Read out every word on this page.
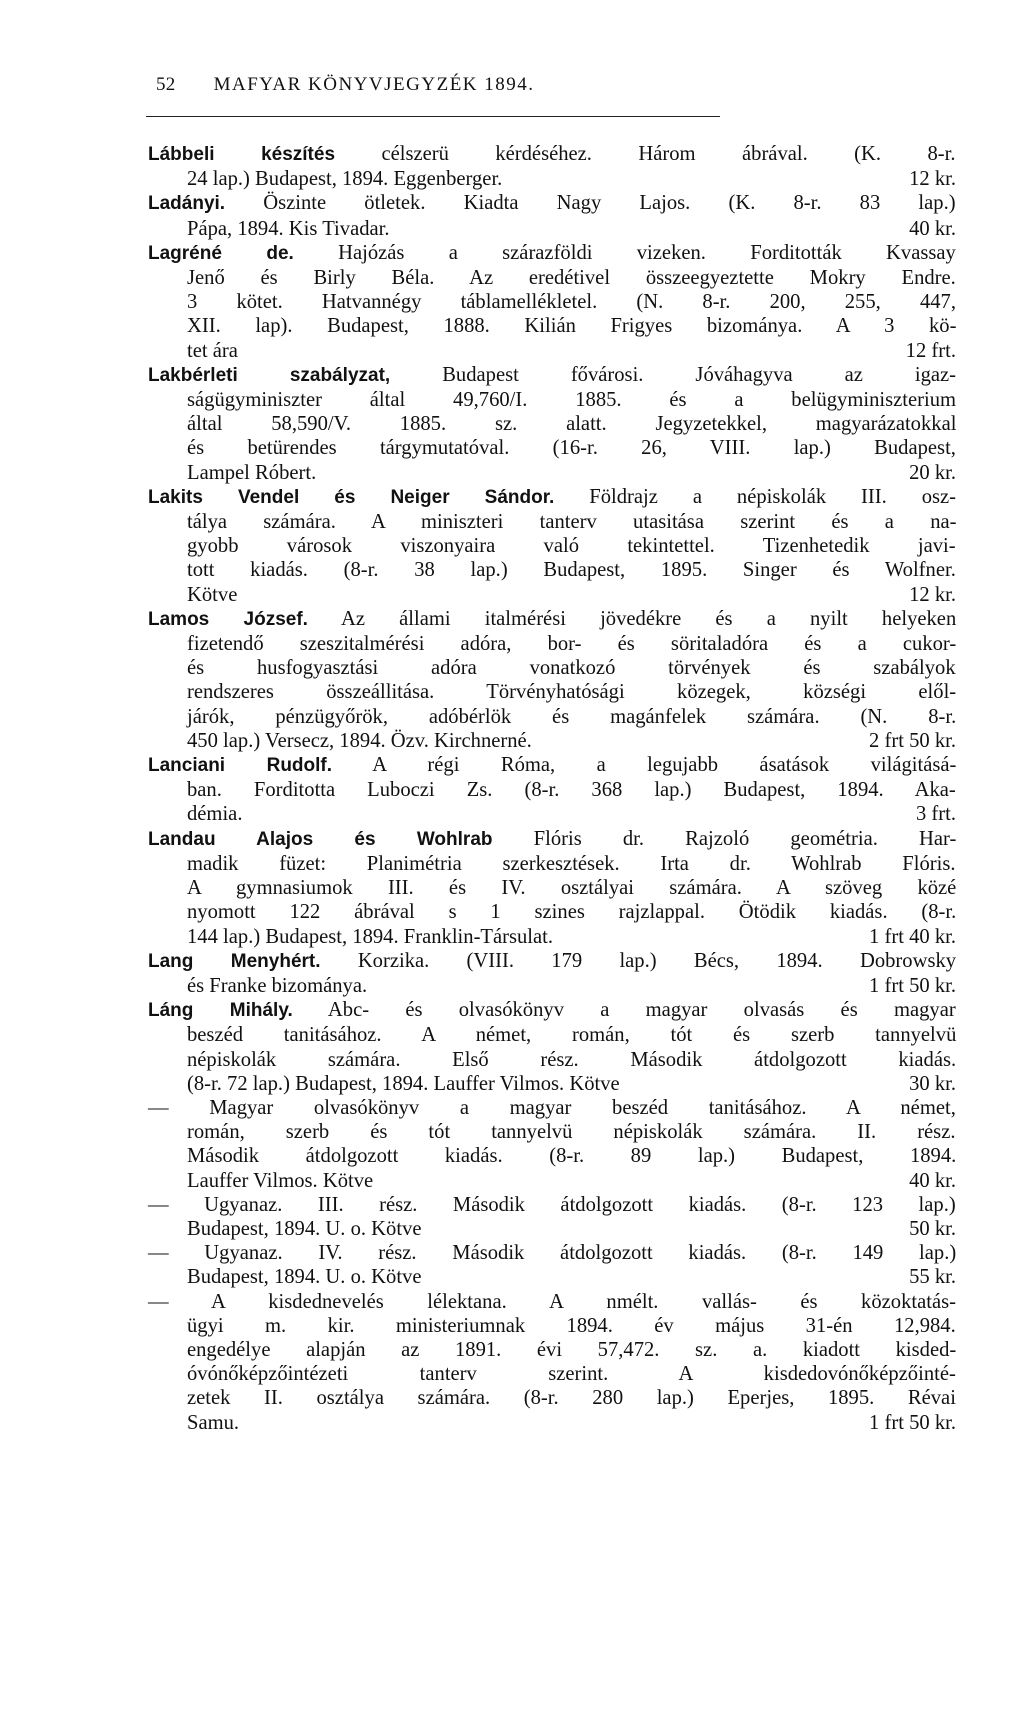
52 MAFYAR KÖNYVJEGYZÉK 1894.
Lábbeli készítés célszerü kérdéséhez. Három ábrával. (K. 8-r.
24 lap.) Budapest, 1894. Eggenberger.	12 kr.
Ladányi. Öszinte ötletek. Kiadta Nagy Lajos. (K. 8-r. 83 lap.)
Pápa, 1894. Kis Tivadar.	40 kr.
Lagréné de. Hajózás a szárazföldi vizeken. Forditották Kvassay
Jenő és Birly Béla. Az eredétivel összeegyeztette Mokry Endre.
3 kötet. Hatvannégy táblamellékletel. (N. 8-r. 200, 255, 447,
XII. lap). Budapest, 1888. Kilián Frigyes bizománya. A 3 kö-
tet ára	12 frt.
Lakbérleti szabályzat,	Budapest fővárosi. Jóváhagyva az igaz-
ságügyminiszter által 49,760/I. 1885. és a belügyminiszterium
által 58,590/V. 1885. sz. alatt. Jegyzetekkel, magyarázatokkal
és betürendes tárgymutatóval. (16-r. 26, VIII. lap.) Budapest,
Lampel Róbert.	20 kr.
Lakits Vendel és Neiger Sándor. Földrajz a népiskolák III. osz-
tálya számára. A miniszteri tanterv utasitása szerint és a na-
gyobb városok viszonyaira való tekintettel. Tizenhetedik javi-
tott kiadás. (8-r. 38 lap.) Budapest, 1895. Singer és Wolfner.
Kötve	12 kr.
Lamos József. Az állami italmérési jövedékre és a nyilt helyeken
fizetendő szeszitalmérési adóra, bor- és söritaladóra és a cukor-
és husfogyasztási adóra vonatkozó törvények és szabályok
rendszeres összeállitása. Törvényhatósági közegek, községi elől-
járók, pénzügyőrök, adóbérlök és magánfelek számára. (N. 8-r.
450 lap.) Versecz, 1894. Özv. Kirchnerné.	2 frt 50 kr.
Lanciani Rudolf. A régi Róma, a legujabb ásatások világitásá-
ban. Forditotta Luboczi Zs. (8-r. 368 lap.) Budapest, 1894. Aka-
démia.	3 frt.
Landau Alajos és Wohlrab Flóris dr. Rajzoló geométria. Har-
madik füzet: Planimétria szerkesztések. Irta dr. Wohlrab Flóris.
A gymnasiumok III. és IV. osztályai számára. A szöveg közé
nyomott 122 ábrával s 1 szines rajzlappal. Ötödik kiadás. (8-r.
144 lap.) Budapest, 1894. Franklin-Társulat.	1 frt 40 kr.
Lang Menyhért. Korzika. (VIII. 179 lap.) Bécs, 1894. Dobrowsky
és Franke bizománya.	1 frt 50 kr.
Láng Mihály. Abc- és olvasókönyv a magyar olvasás és magyar
beszéd tanitásához. A német, román, tót és szerb tannyelvü
népiskolák számára. Első rész. Második átdolgozott kiadás.
(8-r. 72 lap.) Budapest, 1894. Lauffer Vilmos. Kötve	30 kr.
— Magyar olvasókönyv a magyar beszéd tanitásához. A német,
román, szerb és tót tannyelvü népiskolák számára. II. rész.
Második átdolgozott kiadás. (8-r. 89 lap.) Budapest, 1894.
Lauffer Vilmos. Kötve	40 kr.
— Ugyanaz. III. rész. Második átdolgozott kiadás. (8-r. 123 lap.)
Budapest, 1894. U. o. Kötve	50 kr.
— Ugyanaz. IV. rész. Második átdolgozott kiadás. (8-r. 149 lap.)
Budapest, 1894. U. o. Kötve	55 kr.
— A kisdednevelés lélektana. A nmélt. vallás- és közoktatás-
ügyi m. kir. ministeriumnak 1894. év május 31-én 12,984.
engedélye alapján az 1891. évi 57,472. sz. a. kiadott kisded-
óvónőképzőintézeti tanterv szerint. A kisdedovónőképzőinté-
zetek II. osztálya számára. (8-r. 280 lap.) Eperjes, 1895. Révai
Samu.	1 frt 50 kr.
